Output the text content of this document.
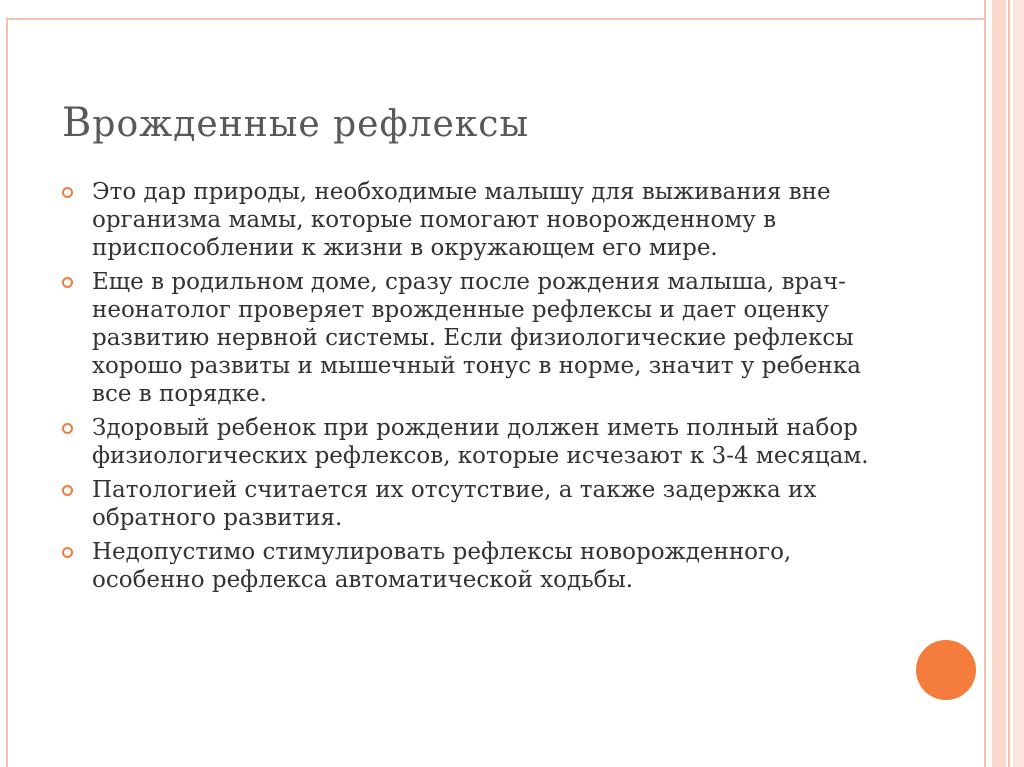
Врожденные рефлексы
Это дар природы, необходимые малышу для выживания вне организма мамы, которые помогают новорожденному в приспособлении к жизни в окружающем его мире.
Еще в родильном доме, сразу после рождения малыша, врач-неонатолог проверяет врожденные рефлексы и дает оценку развитию нервной системы. Если физиологические рефлексы хорошо развиты и мышечный тонус в норме, значит у ребенка все в порядке.
Здоровый ребенок при рождении должен иметь полный набор физиологических рефлексов, которые исчезают к 3-4 месяцам.
Патологией считается их отсутствие, а также задержка их обратного развития.
Недопустимо стимулировать рефлексы новорожденного, особенно рефлекса автоматической ходьбы.
